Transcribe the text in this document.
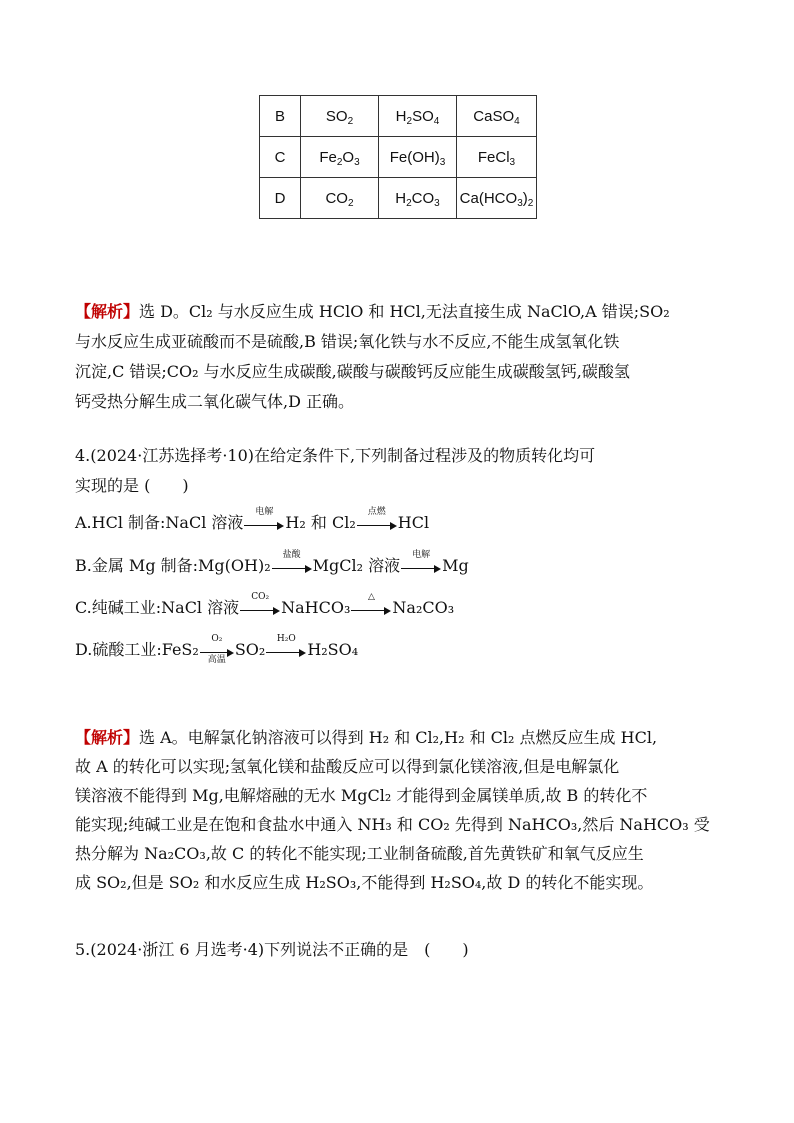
B	$SO_2$	$H_2SO_4$	CaSO$_4$
C	$Fe_2O_3$	$Fe(OH)_3$	FeCl$_3$
D	$CO_2$	$H_2CO_3$	$Ca(HCO_3)_2$
【解析】选 D。Cl₂ 与水反应生成 HClO 和 HCl,无法直接生成 NaClO,A 错误;SO₂
与水反应生成亚硫酸而不是硫酸,B 错误;氧化铁与水不反应,不能生成氢氧化铁
沉淀,C 错误;CO₂ 与水反应生成碳酸,碳酸与碳酸钙反应能生成碳酸氢钙,碳酸氢
钙受热分解生成二氧化碳气体,D 正确。
4.(2024·江苏选择考·10)在给定条件下,下列制备过程涉及的物质转化均可
实现的是 (　　)
A.HCl 制备:NaCl 溶液
电解
H₂ 和 Cl₂
点燃
HCl
B.金属 Mg 制备:Mg(OH)₂
盐酸
MgCl₂ 溶液
电解
Mg
C.纯碱工业:NaCl 溶液
CO₂
NaHCO₃
△
Na₂CO₃
D.硫酸工业:FeS₂
O₂
高温
SO₂
H₂O
H₂SO₄
【解析】选 A。电解氯化钠溶液可以得到 H₂ 和 Cl₂,H₂ 和 Cl₂ 点燃反应生成 HCl,
故 A 的转化可以实现;氢氧化镁和盐酸反应可以得到氯化镁溶液,但是电解氯化
镁溶液不能得到 Mg,电解熔融的无水 MgCl₂ 才能得到金属镁单质,故 B 的转化不
能实现;纯碱工业是在饱和食盐水中通入 NH₃ 和 CO₂ 先得到 NaHCO₃,然后 NaHCO₃ 受
热分解为 Na₂CO₃,故 C 的转化不能实现;工业制备硫酸,首先黄铁矿和氧气反应生
成 SO₂,但是 SO₂ 和水反应生成 H₂SO₃,不能得到 H₂SO₄,故 D 的转化不能实现。
5.(2024·浙江 6 月选考·4)下列说法不正确的是　(　　)
